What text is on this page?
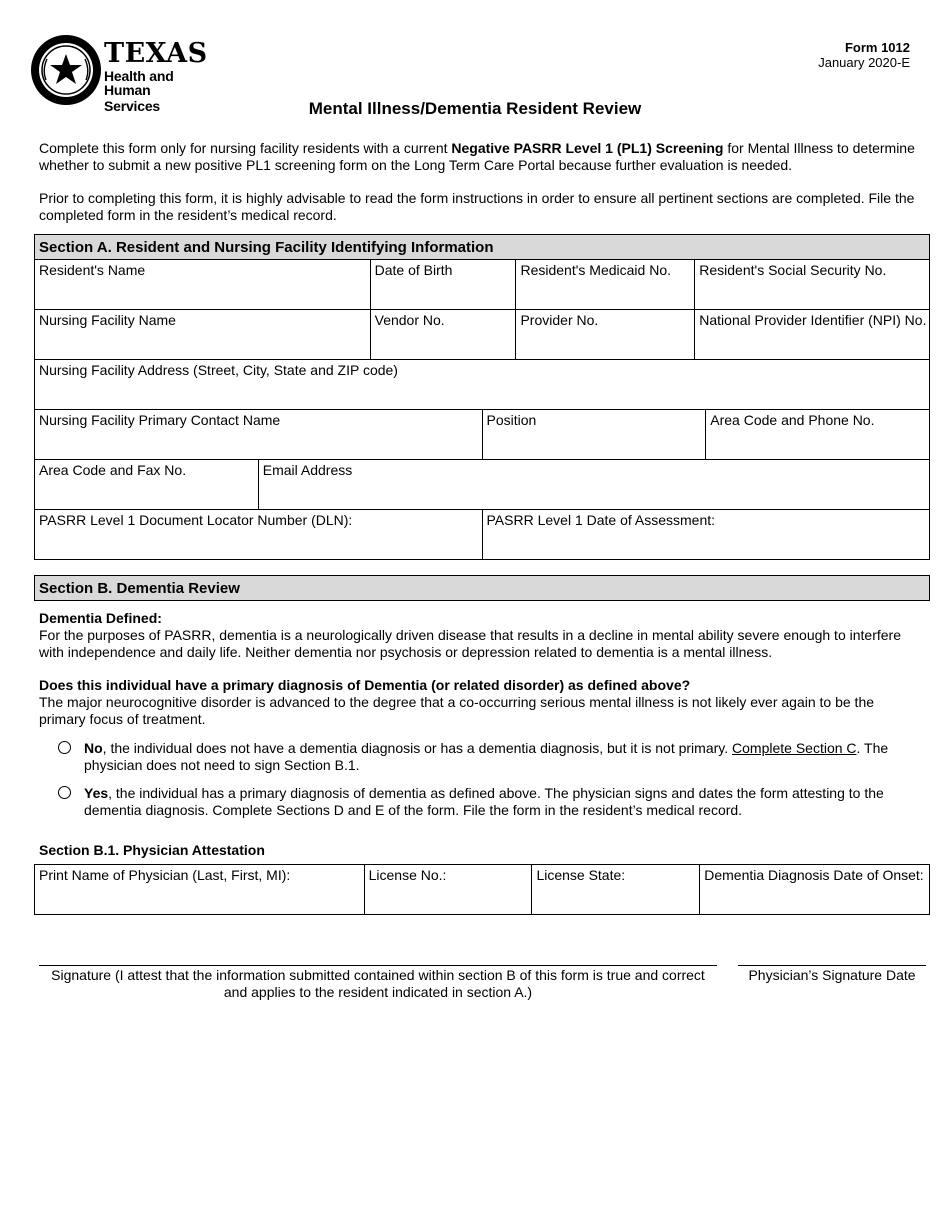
TEXAS
Health and Human
Services
Form 1012
January 2020-E
Mental Illness/Dementia Resident Review
Complete this form only for nursing facility residents with a current Negative PASRR Level 1 (PL1) Screening for Mental Illness to determine whether to submit a new positive PL1 screening form on the Long Term Care Portal because further evaluation is needed.
Prior to completing this form, it is highly advisable to read the form instructions in order to ensure all pertinent sections are completed. File the completed form in the resident’s medical record.
Section A. Resident and Nursing Facility Identifying Information
Resident's Name	Date of Birth	Resident's Medicaid No.	Resident's Social Security No.
Nursing Facility Name	Vendor No.	Provider No.	National Provider Identifier (NPI) No.
Nursing Facility Address (Street, City, State and ZIP code)
Nursing Facility Primary Contact Name	Position	Area Code and Phone No.
Area Code and Fax No.	Email Address
PASRR Level 1 Document Locator Number (DLN):	PASRR Level 1 Date of Assessment:
Section B. Dementia Review
Dementia Defined:
For the purposes of PASRR, dementia is a neurologically driven disease that results in a decline in mental ability severe enough to interfere with independence and daily life. Neither dementia nor psychosis or depression related to dementia is a mental illness.
Does this individual have a primary diagnosis of Dementia (or related disorder) as defined above?
The major neurocognitive disorder is advanced to the degree that a co-occurring serious mental illness is not likely ever again to be the primary focus of treatment.
No, the individual does not have a dementia diagnosis or has a dementia diagnosis, but it is not primary. Complete Section C. The physician does not need to sign Section B.1.
Yes, the individual has a primary diagnosis of dementia as defined above. The physician signs and dates the form attesting to the dementia diagnosis. Complete Sections D and E of the form. File the form in the resident’s medical record.
Section B.1. Physician Attestation
Print Name of Physician (Last, First, MI):	License No.:	License State:	Dementia Diagnosis Date of Onset:
Signature (I attest that the information submitted contained within section B of this form is true and correct and applies to the resident indicated in section A.)
Physician’s Signature Date
